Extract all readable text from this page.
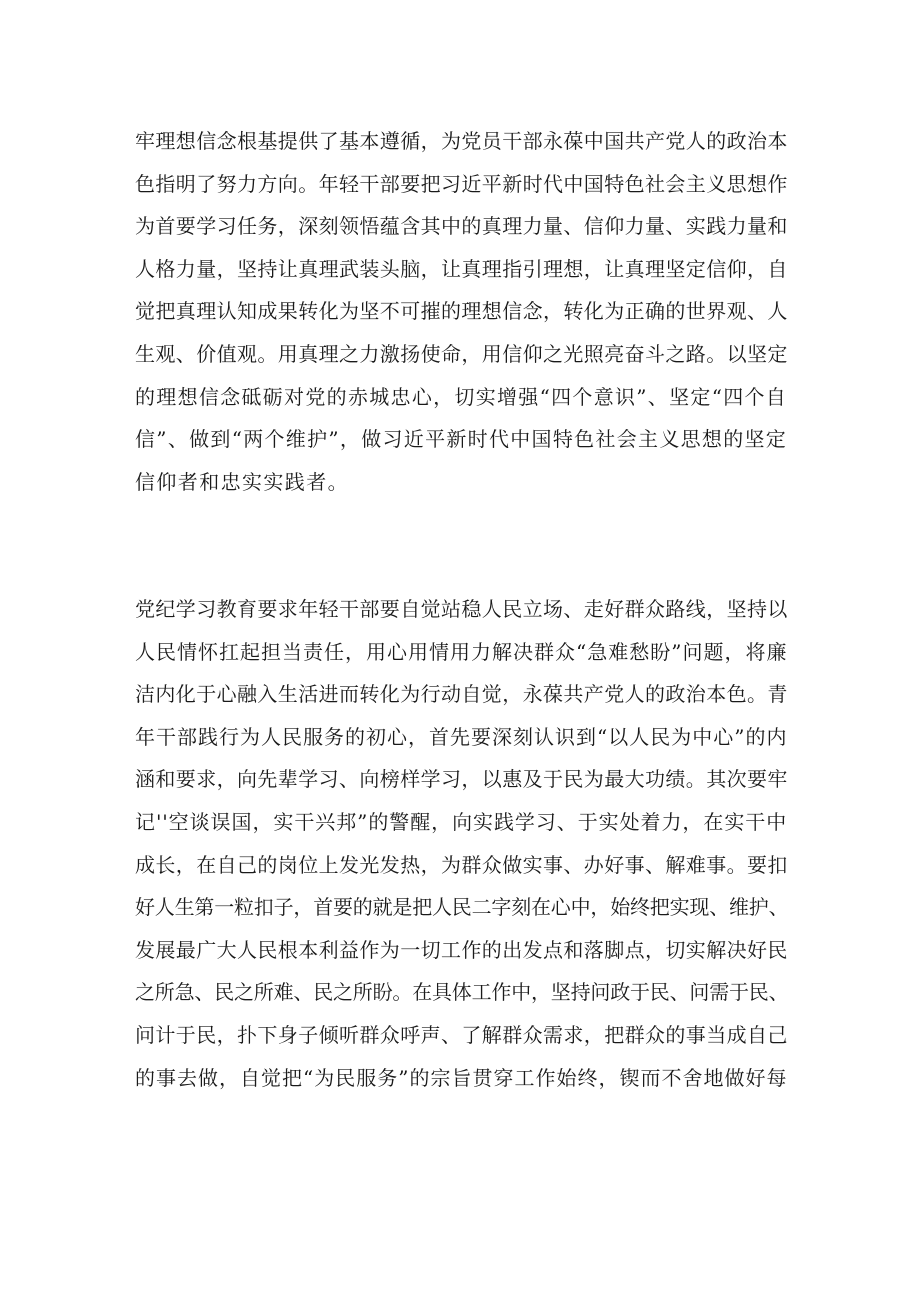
牢理想信念根基提供了基本遵循，为党员干部永葆中国共产党人的政治本
色指明了努力方向。年轻干部要把习近平新时代中国特色社会主义思想作
为首要学习任务，深刻领悟蕴含其中的真理力量、信仰力量、实践力量和
人格力量，坚持让真理武装头脑，让真理指引理想，让真理坚定信仰，自
觉把真理认知成果转化为坚不可摧的理想信念，转化为正确的世界观、人
生观、价值观。用真理之力激扬使命，用信仰之光照亮奋斗之路。以坚定
的理想信念砥砺对党的赤城忠心，切实增强“四个意识”、坚定“四个自
信”、做到“两个维护”，做习近平新时代中国特色社会主义思想的坚定
信仰者和忠实实践者。
党纪学习教育要求年轻干部要自觉站稳人民立场、走好群众路线，坚持以
人民情怀扛起担当责任，用心用情用力解决群众“急难愁盼”问题，将廉
洁内化于心融入生活进而转化为行动自觉，永葆共产党人的政治本色。青
年干部践行为人民服务的初心，首先要深刻认识到“以人民为中心”的内
涵和要求，向先辈学习、向榜样学习，以惠及于民为最大功绩。其次要牢
记''空谈误国，实干兴邦”的警醒，向实践学习、于实处着力，在实干中
成长，在自己的岗位上发光发热，为群众做实事、办好事、解难事。要扣
好人生第一粒扣子，首要的就是把人民二字刻在心中，始终把实现、维护、
发展最广大人民根本利益作为一切工作的出发点和落脚点，切实解决好民
之所急、民之所难、民之所盼。在具体工作中，坚持问政于民、问需于民、
问计于民，扑下身子倾听群众呼声、了解群众需求，把群众的事当成自己
的事去做，自觉把“为民服务”的宗旨贯穿工作始终，锲而不舍地做好每
